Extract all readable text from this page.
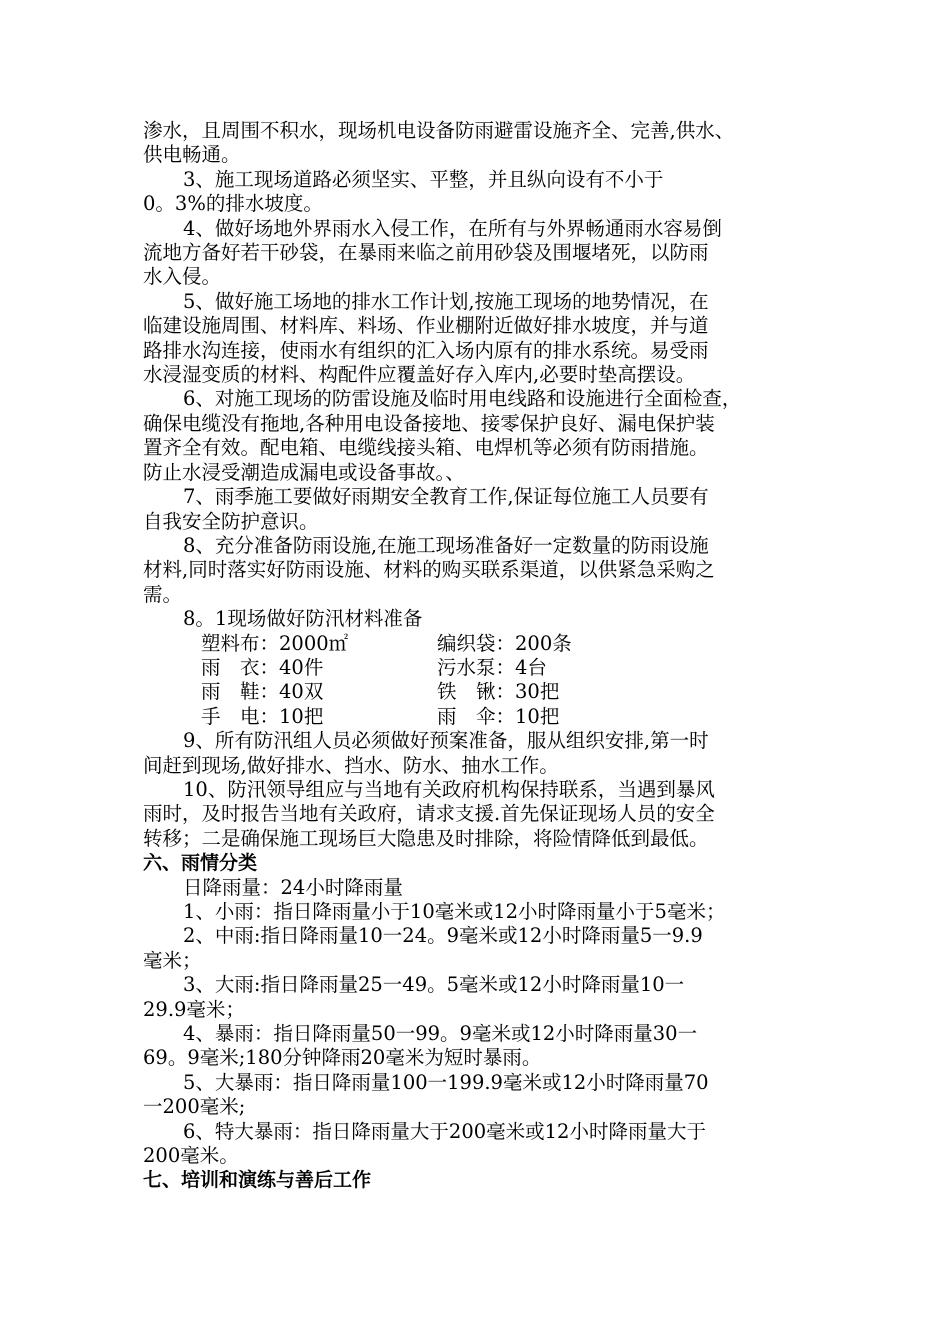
渗水，且周围不积水，现场机电设备防雨避雷设施齐全、完善,供水、

供电畅通。

3、施工现场道路必须坚实、平整，并且纵向设有不小于

0。3%的排水坡度。

4、做好场地外界雨水入侵工作，在所有与外界畅通雨水容易倒

流地方备好若干砂袋，在暴雨来临之前用砂袋及围堰堵死，以防雨

水入侵。

5、做好施工场地的排水工作计划,按施工现场的地势情况，在

临建设施周围、材料库、料场、作业棚附近做好排水坡度，并与道

路排水沟连接，使雨水有组织的汇入场内原有的排水系统。易受雨

水浸湿变质的材料、构配件应覆盖好存入库内,必要时垫高摆设。

6、对施工现场的防雷设施及临时用电线路和设施进行全面检查，

确保电缆没有拖地,各种用电设备接地、接零保护良好、漏电保护装

置齐全有效。配电箱、电缆线接头箱、电焊机等必须有防雨措施。

防止水浸受潮造成漏电或设备事故。、

7、雨季施工要做好雨期安全教育工作,保证每位施工人员要有

自我安全防护意识。

8、充分准备防雨设施,在施工现场准备好一定数量的防雨设施

材料,同时落实好防雨设施、材料的购买联系渠道，以供紧急采购之

需。

8。1现场做好防汛材料准备

塑料布：2000㎡	编织袋：200条
雨　衣：40件	污水泵：4台
雨　鞋：40双	铁　锹：30把
手　电：10把	雨　伞：10把

9、所有防汛组人员必须做好预案准备，服从组织安排,第一时

间赶到现场,做好排水、挡水、防水、抽水工作。

10、防汛领导组应与当地有关政府机构保持联系，当遇到暴风

雨时，及时报告当地有关政府，请求支援.首先保证现场人员的安全

转移；二是确保施工现场巨大隐患及时排除，将险情降低到最低。

六、雨情分类

日降雨量：24小时降雨量

1、小雨：指日降雨量小于10毫米或12小时降雨量小于5毫米；

2、中雨:指日降雨量10一24。9毫米或12小时降雨量5一9.9

毫米；

3、大雨:指日降雨量25一49。5毫米或12小时降雨量10一

29.9毫米；

4、暴雨：指日降雨量50一99。9毫米或12小时降雨量30一

69。9毫米;180分钟降雨20毫米为短时暴雨。

5、大暴雨：指日降雨量100一199.9毫米或12小时降雨量70

一200毫米;

6、特大暴雨：指日降雨量大于200毫米或12小时降雨量大于

200毫米。

七、培训和演练与善后工作
